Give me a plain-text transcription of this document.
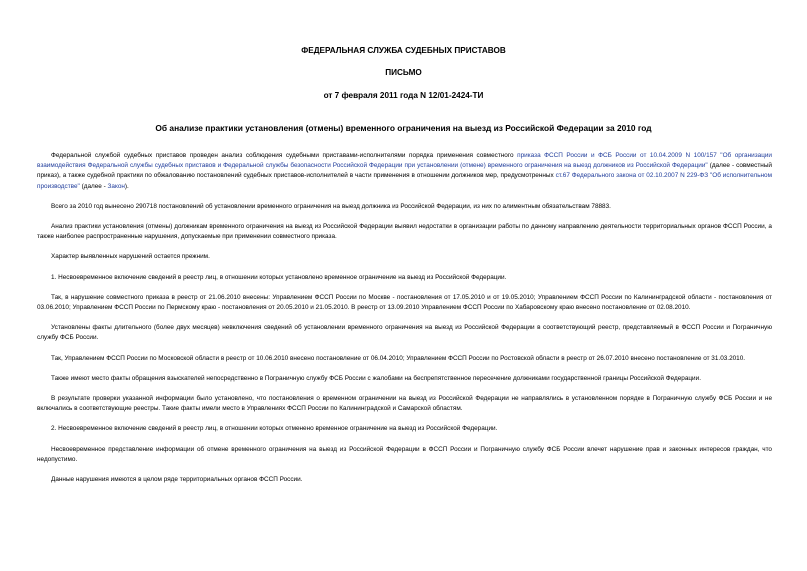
ФЕДЕРАЛЬНАЯ СЛУЖБА СУДЕБНЫХ ПРИСТАВОВ
ПИСЬМО
от 7 февраля 2011 года N 12/01-2424-ТИ
Об анализе практики установления (отмены) временного ограничения на выезд из Российской Федерации за 2010 год

Федеральной службой судебных приставов проведен анализ соблюдения судебными приставами-исполнителями порядка применения совместного приказа ФССП России и ФСБ России от 10.04.2009 N 100/157 "Об организации взаимодействия Федеральной службы судебных приставов и Федеральной службы безопасности Российской Федерации при установлении (отмене) временного ограничения на выезд должников из Российской Федерации" (далее - совместный приказ), а также судебной практики по обжалованию постановлений судебных приставов-исполнителей в части применения в отношении должников мер, предусмотренных ст.67 Федерального закона от 02.10.2007 N 229-ФЗ "Об исполнительном производстве" (далее - Закон).

Всего за 2010 год вынесено 290718 постановлений об установлении временного ограничения на выезд должника из Российской Федерации, из них по алиментным обязательствам 78883.

Анализ практики установления (отмены) должникам временного ограничения на выезд из Российской Федерации выявил недостатки в организации работы по данному направлению деятельности территориальных органов ФССП России, а также наиболее распространенные нарушения, допускаемые при применении совместного приказа.

Характер выявленных нарушений остается прежним.

1. Несвоевременное включение сведений в реестр лиц, в отношении которых установлено временное ограничение на выезд из Российской Федерации.

Так, в нарушение совместного приказа в реестр от 21.06.2010 внесены: Управлением ФССП России по Москве - постановления от 17.05.2010 и от 19.05.2010; Управлением ФССП России по Калининградской области - постановления от 03.06.2010; Управлением ФССП России по Пермскому краю - постановления от 20.05.2010 и 21.05.2010. В реестр от 13.09.2010 Управлением ФССП России по Хабаровскому краю внесено постановление от 02.08.2010.

Установлены факты длительного (более двух месяцев) невключения сведений об установлении временного ограничения на выезд из Российской Федерации в соответствующий реестр, представляемый в ФССП России и Пограничную службу ФСБ России.

Так, Управлением ФССП России по Московской области в реестр от 10.06.2010 внесено постановление от 06.04.2010; Управлением ФССП России по Ростовской области в реестр от 26.07.2010 внесено постановление от 31.03.2010.

Также имеют место факты обращения взыскателей непосредственно в Пограничную службу ФСБ России с жалобами на беспрепятственное пересечение должниками государственной границы Российской Федерации.

В результате проверки указанной информации было установлено, что постановления о временном ограничении на выезд из Российской Федерации не направлялись в установленном порядке в Пограничную службу ФСБ России и не включались в соответствующие реестры. Такие факты имели место в Управлениях ФССП России по Калининградской и Самарской областям.

2. Несвоевременное включение сведений в реестр лиц, в отношении которых отменено временное ограничение на выезд из Российской Федерации.

Несвоевременное представление информации об отмене временного ограничения на выезд из Российской Федерации в ФССП России и Пограничную службу ФСБ России влечет нарушение прав и законных интересов граждан, что недопустимо.

Данные нарушения имеются в целом ряде территориальных органов ФССП России.
